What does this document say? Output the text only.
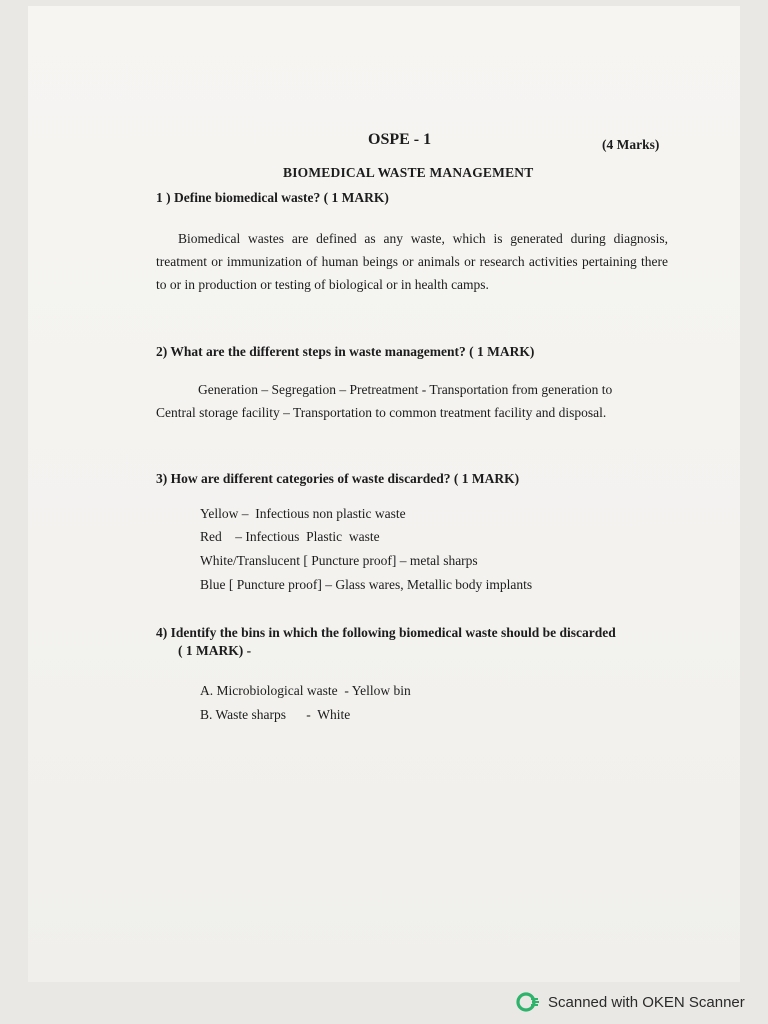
OSPE - 1	(4 Marks)
BIOMEDICAL WASTE MANAGEMENT
1 ) Define biomedical waste? ( 1 MARK)
Biomedical wastes are defined as any waste, which is generated during diagnosis, treatment or immunization of human beings or animals or research activities pertaining there to or in production or testing of biological or in health camps.
2) What are the different steps in waste management? ( 1 MARK)
Generation – Segregation – Pretreatment - Transportation from generation to Central storage facility – Transportation to common treatment facility and disposal.
3) How are different categories of waste discarded? ( 1 MARK)
Yellow –  Infectious non plastic waste
Red    – Infectious  Plastic  waste
White/Translucent [ Puncture proof] – metal sharps
Blue [ Puncture proof] – Glass wares, Metallic body implants
4) Identify the bins in which the following biomedical waste should be discarded
( 1 MARK) -
A. Microbiological waste  - Yellow bin
B. Waste sharps      -  White
Scanned with OKEN Scanner
